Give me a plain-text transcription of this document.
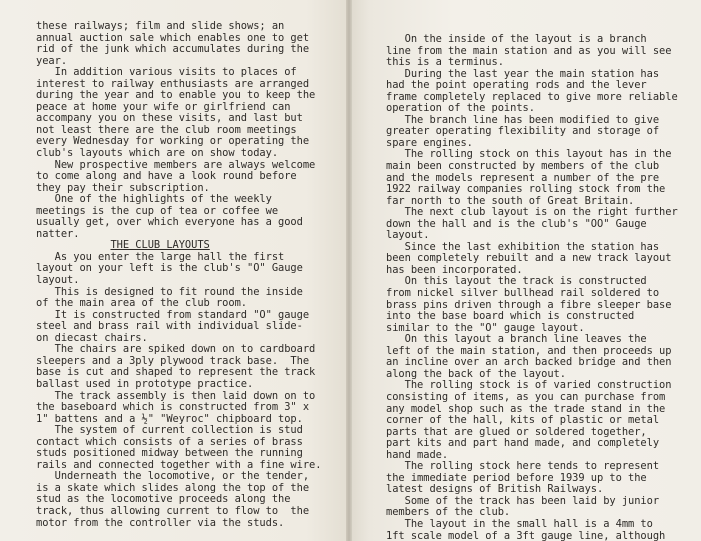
these railways; film and slide shows; an
annual auction sale which enables one to get
rid of the junk which accumulates during the
year.
In addition various visits to places of
interest to railway enthusiasts are arranged
during the year and to enable you to keep the
peace at home your wife or girlfriend can
accompany you on these visits, and last but
not least there are the club room meetings
every Wednesday for working or operating the
club's layouts which are on show today.
New prospective members are always welcome
to come along and have a look round before
they pay their subscription.
One of the highlights of the weekly
meetings is the cup of tea or coffee we
usually get, over which everyone has a good
natter.
THE CLUB LAYOUTS
As you enter the large hall the first
layout on your left is the club's "O" Gauge
layout.
This is designed to fit round the inside
of the main area of the club room.
It is constructed from standard "O" gauge
steel and brass rail with individual slide-
on diecast chairs.
The chairs are spiked down on to cardboard
sleepers and a 3ply plywood track base.  The
base is cut and shaped to represent the track
ballast used in prototype practice.
The track assembly is then laid down on to
the baseboard which is constructed from 3" x
1" battens and a ½" "Weyroc" chipboard top.
The system of current collection is stud
contact which consists of a series of brass
studs positioned midway between the running
rails and connected together with a fine wire.
Underneath the locomotive, or the tender,
is a skate which slides along the top of the
stud as the locomotive proceeds along the
track, thus allowing current to flow to  the
motor from the controller via the studs.
On the inside of the layout is a branch
line from the main station and as you will see
this is a terminus.
During the last year the main station has
had the point operating rods and the lever
frame completely replaced to give more reliable
operation of the points.
The branch line has been modified to give
greater operating flexibility and storage of
spare engines.
The rolling stock on this layout has in the
main been constructed by members of the club
and the models represent a number of the pre
1922 railway companies rolling stock from the
far north to the south of Great Britain.
The next club layout is on the right further
down the hall and is the club's "OO" Gauge
layout.
Since the last exhibition the station has
been completely rebuilt and a new track layout
has been incorporated.
On this layout the track is constructed
from nickel silver bullhead rail soldered to
brass pins driven through a fibre sleeper base
into the base board which is constructed
similar to the "O" gauge layout.
On this layout a branch line leaves the
left of the main station, and then proceeds up
an incline over an arch backed bridge and then
along the back of the layout.
The rolling stock is of varied construction
consisting of items, as you can purchase from
any model shop such as the trade stand in the
corner of the hall, kits of plastic or metal
parts that are glued or soldered together,
part kits and part hand made, and completely
hand made.
The rolling stock here tends to represent
the immediate period before 1939 up to the
latest designs of British Railways.
Some of the track has been laid by junior
members of the club.
The layout in the small hall is a 4mm to
1ft scale model of a 3ft gauge line, although
